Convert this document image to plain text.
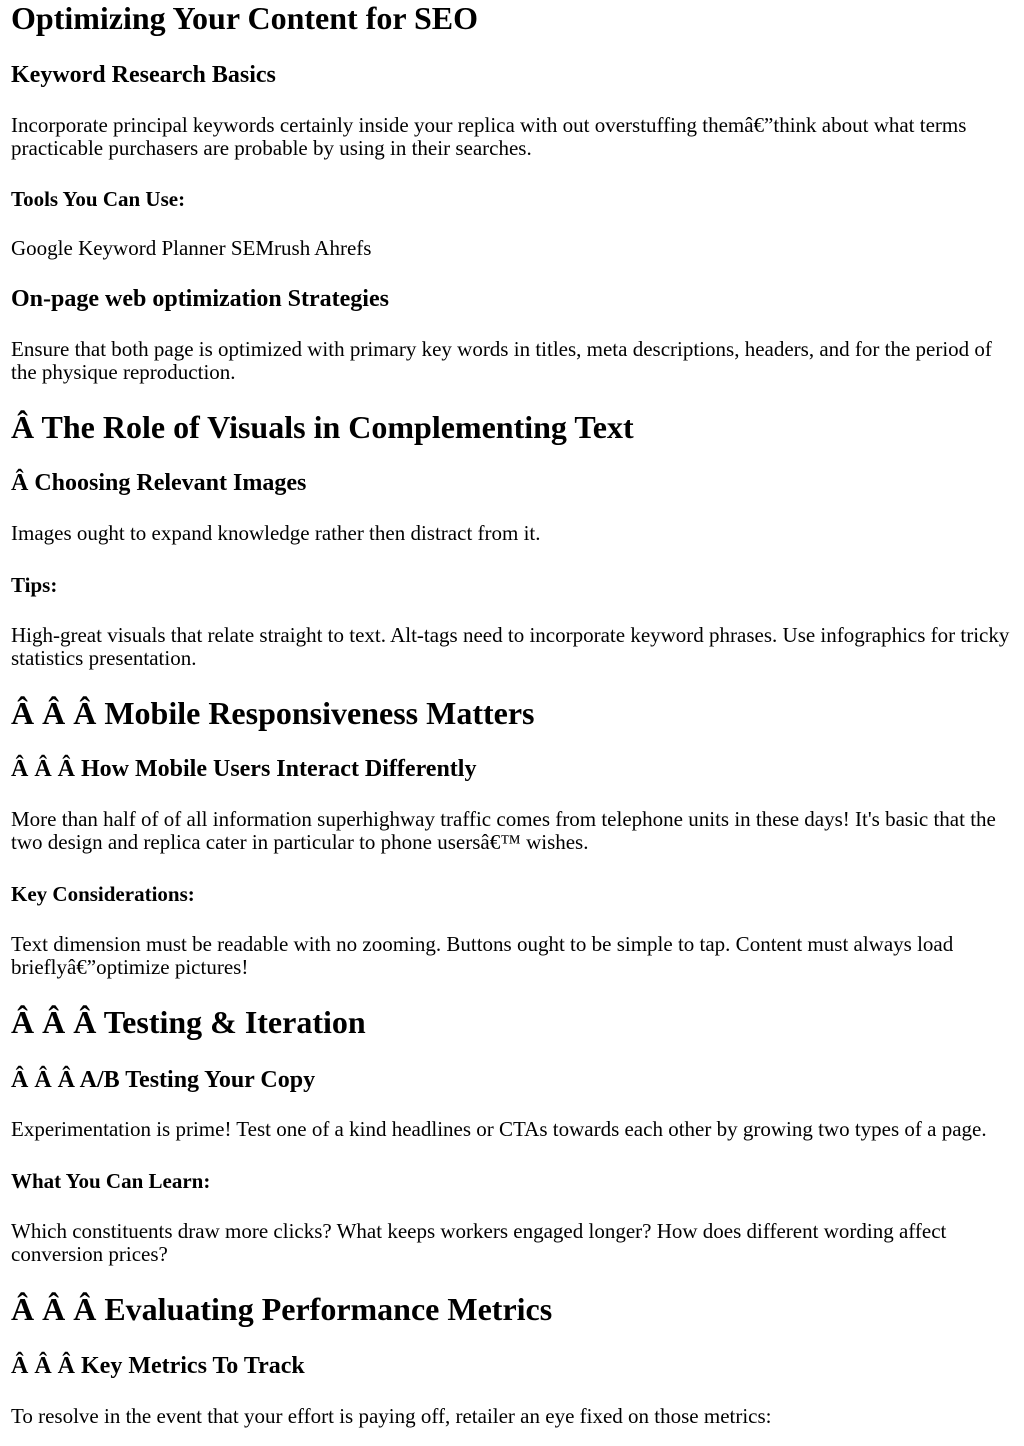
Optimizing Your Content for SEO
Keyword Research Basics

Incorporate principal keywords certainly inside your replica with out overstuffing themâ€”think about what terms practicable purchasers are probable by using in their searches.

Tools You Can Use:

Google Keyword Planner SEMrush Ahrefs

On-page web optimization Strategies

Ensure that both page is optimized with primary key words in titles, meta descriptions, headers, and for the period of the physique reproduction.

Â The Role of Visuals in Complementing Text
Â Choosing Relevant Images

Images ought to expand knowledge rather then distract from it.

Tips:

High-great visuals that relate straight to text. Alt-tags need to incorporate keyword phrases. Use infographics for tricky statistics presentation.

Â Â Â Mobile Responsiveness Matters
Â Â Â How Mobile Users Interact Differently

More than half of of all information superhighway traffic comes from telephone units in these days! It's basic that the two design and replica cater in particular to phone usersâ€™ wishes.

Key Considerations:

Text dimension must be readable with no zooming. Buttons ought to be simple to tap. Content must always load brieflyâ€”optimize pictures!

Â Â Â Testing & Iteration
Â Â Â A/B Testing Your Copy

Experimentation is prime! Test one of a kind headlines or CTAs towards each other by growing two types of a page.

What You Can Learn:

Which constituents draw more clicks? What keeps workers engaged longer? How does different wording affect conversion prices?

Â Â Â Evaluating Performance Metrics
Â Â Â Key Metrics To Track

To resolve in the event that your effort is paying off, retailer an eye fixed on those metrics:
